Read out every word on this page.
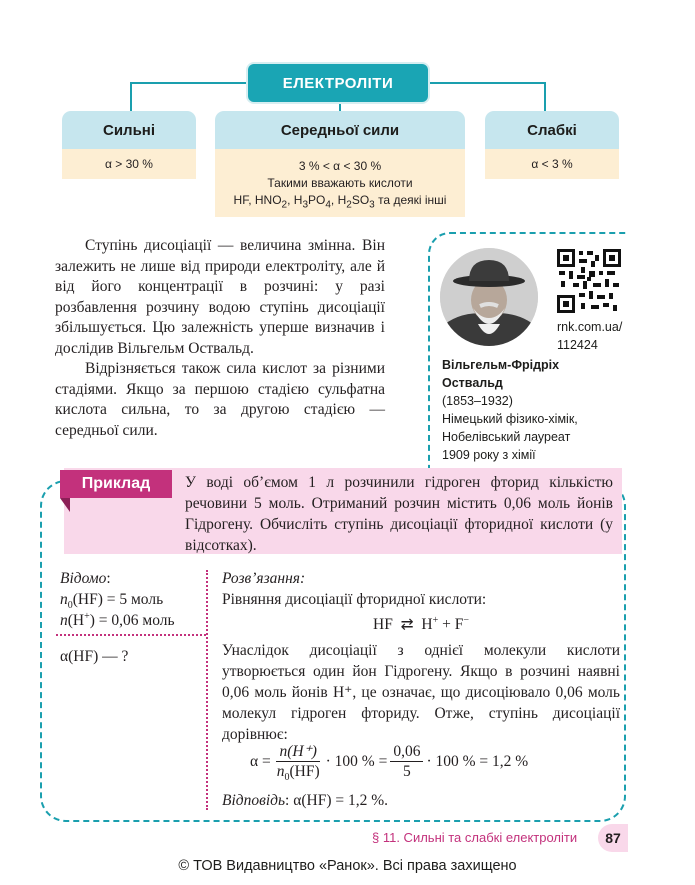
ЕЛЕКТРОЛІТИ
Сильні
α > 30 %
Середньої сили
3 % < α < 30 %
Такими вважають кислоти
HF, $HNO_2$, $H_3PO_4$, $H_2SO_3$ та деякі інші
Слабкі
α < 3 %

Ступінь дисоціації — величина змінна. Він залежить не лише від природи електроліту, але й від його концентрації в розчині: у разі розбавлення розчину водою ступінь дисоціації збільшується. Цю залежність уперше визначив і дослідив Вільгельм Оствальд.

Відрізняється також сила кислот за різними стадіями. Якщо за першою стадією сульфатна кислота сильна, то за другою стадією — середньої сили.

rnk.com.ua/
112424
Вільгельм-Фрідріх Оствальд
(1853–1932)
Німецький фізико-хімік,
Нобелівський лауреат
1909 року з хімії
Приклад	У воді об’ємом 1 л розчинили гідроген фторид кількістю речовини 5 моль. Отриманий розчин містить 0,06 моль йонів Гідрогену. Обчисліть ступінь дисоціації фторидної кислоти (у відсотках).
Відомо:
$n_0(HF) = 5$ моль
n(H+) = 0,06 моль
α(HF) — ?
Розв’язання:
Рівняння дисоціації фторидної кислоти:
HF ⇄ H+ + F−
Унаслідок дисоціації з однієї молекули кислоти утворюється один йон Гідрогену. Якщо в розчині наявні 0,06 моль йонів H⁺, це означає, що дисоціювало 0,06 моль молекул гідроген фториду. Отже, ступінь дисоціації дорівнює:
$\alpha = \frac{n(H^+)}{n_0(HF)} \cdot 100$ % = $\frac{0,06}{5} \cdot 100$ % = 1,2 %
Відповідь: α(HF) = 1,2 %.
§ 11. Сильні та слабкі електроліти	87
© ТОВ Видавництво «Ранок». Всі права захищено
